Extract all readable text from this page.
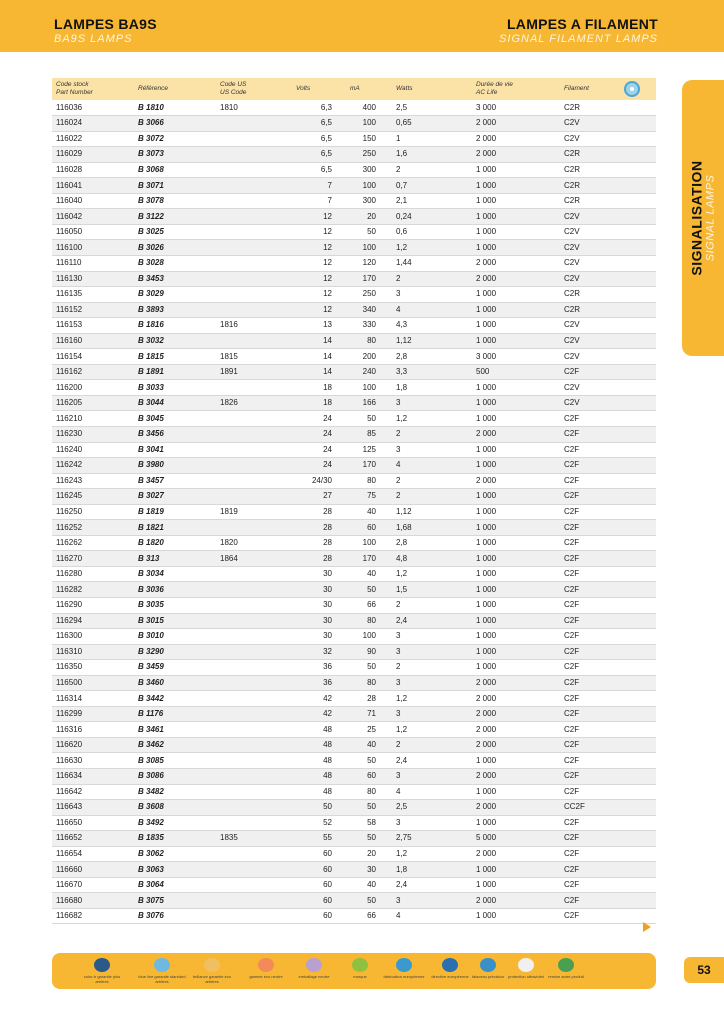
LAMPES BA9S
BA9S LAMPS
LAMPES A FILAMENT
SIGNAL FILAMENT LAMPS
SIGNALISATION SIGNAL LAMPS
Code stock
Part Number	Référence	Code US
US Code	Volts	mA	Watts	Durée de vie
AC Life	Filament	
116036	B 1810	1810	6,3	400	2,5	3 000	C2R	
116024	B 3066		6,5	100	0,65	2 000	C2V	
116022	B 3072		6,5	150	1	2 000	C2V	
116029	B 3073		6,5	250	1,6	2 000	C2R	
116028	B 3068		6,5	300	2	1 000	C2R	
116041	B 3071		7	100	0,7	1 000	C2R	
116040	B 3078		7	300	2,1	1 000	C2R	
116042	B 3122		12	20	0,24	1 000	C2V	
116050	B 3025		12	50	0,6	1 000	C2V	
116100	B 3026		12	100	1,2	1 000	C2V	
116110	B 3028		12	120	1,44	2 000	C2V	
116130	B 3453		12	170	2	2 000	C2V	
116135	B 3029		12	250	3	1 000	C2R	
116152	B 3893		12	340	4	1 000	C2R	
116153	B 1816	1816	13	330	4,3	1 000	C2V	
116160	B 3032		14	80	1,12	1 000	C2V	
116154	B 1815	1815	14	200	2,8	3 000	C2V	
116162	B 1891	1891	14	240	3,3	500	C2F	
116200	B 3033		18	100	1,8	1 000	C2V	
116205	B 3044	1826	18	166	3	1 000	C2V	
116210	B 3045		24	50	1,2	1 000	C2F	
116230	B 3456		24	85	2	2 000	C2F	
116240	B 3041		24	125	3	1 000	C2F	
116242	B 3980		24	170	4	1 000	C2F	
116243	B 3457		24/30	80	2	2 000	C2F	
116245	B 3027		27	75	2	1 000	C2F	
116250	B 1819	1819	28	40	1,12	1 000	C2F	
116252	B 1821		28	60	1,68	1 000	C2F	
116262	B 1820	1820	28	100	2,8	1 000	C2F	
116270	B 313	1864	28	170	4,8	1 000	C2F	
116280	B 3034		30	40	1,2	1 000	C2F	
116282	B 3036		30	50	1,5	1 000	C2F	
116290	B 3035		30	66	2	1 000	C2F	
116294	B 3015		30	80	2,4	1 000	C2F	
116300	B 3010		30	100	3	1 000	C2F	
116310	B 3290		32	90	3	1 000	C2F	
116350	B 3459		36	50	2	1 000	C2F	
116500	B 3460		36	80	3	2 000	C2F	
116314	B 3442		42	28	1,2	2 000	C2F	
116299	B 1176		42	71	3	2 000	C2F	
116316	B 3461		48	25	1,2	2 000	C2F	
116620	B 3462		48	40	2	2 000	C2F	
116630	B 3085		48	50	2,4	1 000	C2F	
116634	B 3086		48	60	3	2 000	C2F	
116642	B 3482		48	80	4	1 000	C2F	
116643	B 3608		50	50	2,5	2 000	CC2F	
116650	B 3492		52	58	3	1 000	C2F	
116652	B 1835	1835	55	50	2,75	5 000	C2F	
116654	B 3062		60	20	1,2	2 000	C2F	
116660	B 3063		60	30	1,8	1 000	C2F	
116670	B 3064		60	40	2,4	1 000	C2F	
116680	B 3075		60	50	3	2 000	C2F	
116682	B 3076		60	66	4	1 000	C2F	
color-tr garantie plus arbitres
blue line garantie standard arbitres
brillance garantie éco arbitres
gamme éco neutre	emballage neutre	marque	fabrication européenne	directive européenne faisceau précision	protection ultraviolet	remise autre produit	53
